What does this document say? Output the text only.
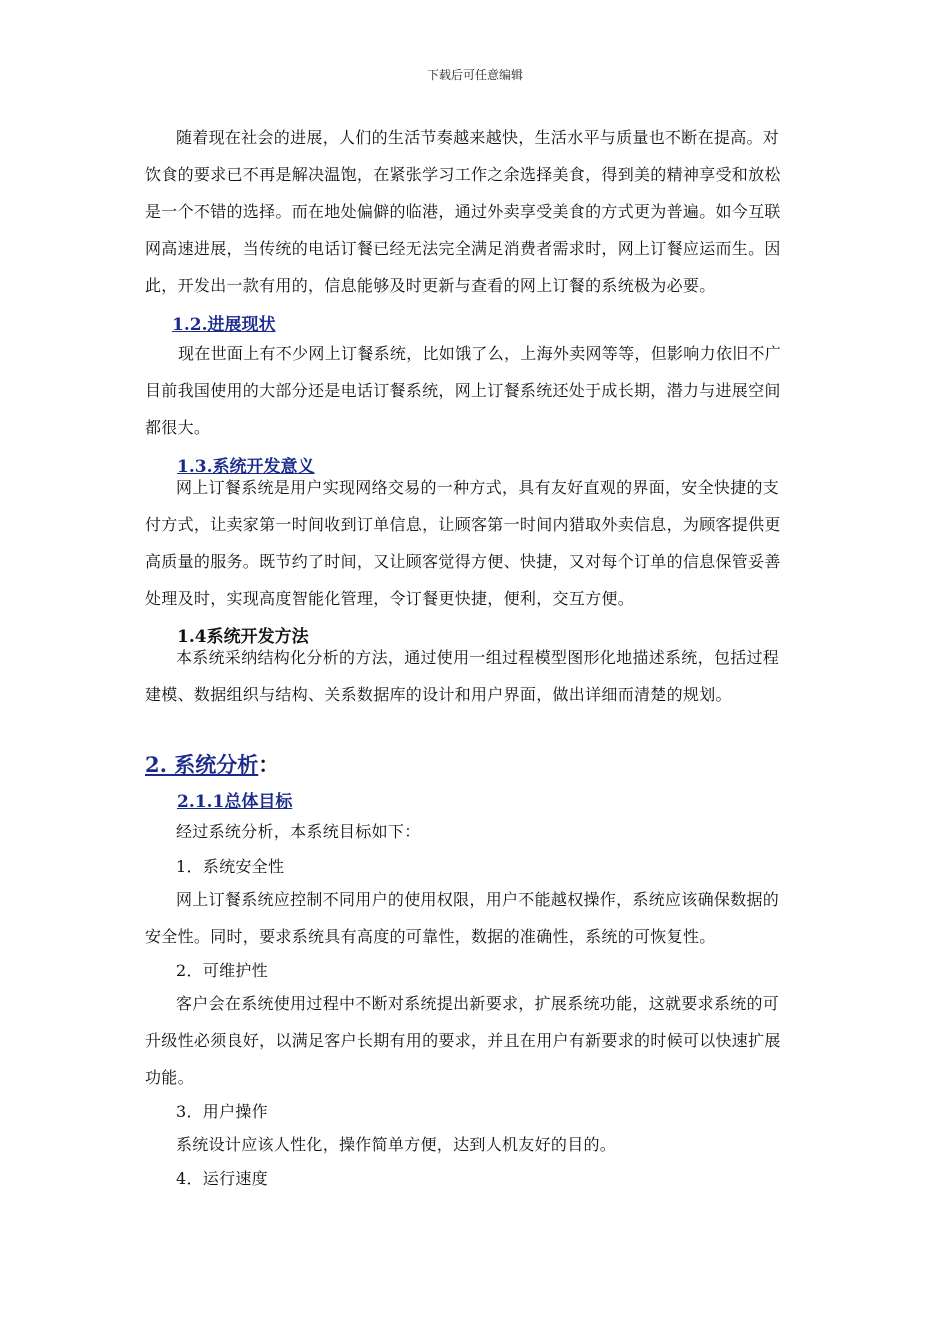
下载后可任意编辑
随着现在社会的进展，人们的生活节奏越来越快，生活水平与质量也不断在提高。对
饮食的要求已不再是解决温饱，在紧张学习工作之余选择美食，得到美的精神享受和放松
是一个不错的选择。而在地处偏僻的临港，通过外卖享受美食的方式更为普遍。如今互联
网高速进展，当传统的电话订餐已经无法完全满足消费者需求时，网上订餐应运而生。因
此，开发出一款有用的，信息能够及时更新与查看的网上订餐的系统极为必要。
1.2.进展现状
现在世面上有不少网上订餐系统，比如饿了么，上海外卖网等等，但影响力依旧不广
目前我国使用的大部分还是电话订餐系统，网上订餐系统还处于成长期，潜力与进展空间
都很大。
1.3.系统开发意义
网上订餐系统是用户实现网络交易的一种方式，具有友好直观的界面，安全快捷的支
付方式，让卖家第一时间收到订单信息，让顾客第一时间内猎取外卖信息，为顾客提供更
高质量的服务。既节约了时间，又让顾客觉得方便、快捷，又对每个订单的信息保管妥善
处理及时，实现高度智能化管理，令订餐更快捷，便利，交互方便。
1.4系统开发方法
本系统采纳结构化分析的方法，通过使用一组过程模型图形化地描述系统，包括过程
建模、数据组织与结构、关系数据库的设计和用户界面，做出详细而清楚的规划。
2. 系统分析：
2.1.1总体目标
经过系统分析，本系统目标如下：
1．系统安全性
网上订餐系统应控制不同用户的使用权限，用户不能越权操作，系统应该确保数据的
安全性。同时，要求系统具有高度的可靠性，数据的准确性，系统的可恢复性。
2．可维护性
客户会在系统使用过程中不断对系统提出新要求，扩展系统功能，这就要求系统的可
升级性必须良好，以满足客户长期有用的要求，并且在用户有新要求的时候可以快速扩展
功能。
3．用户操作
系统设计应该人性化，操作简单方便，达到人机友好的目的。
4．运行速度
